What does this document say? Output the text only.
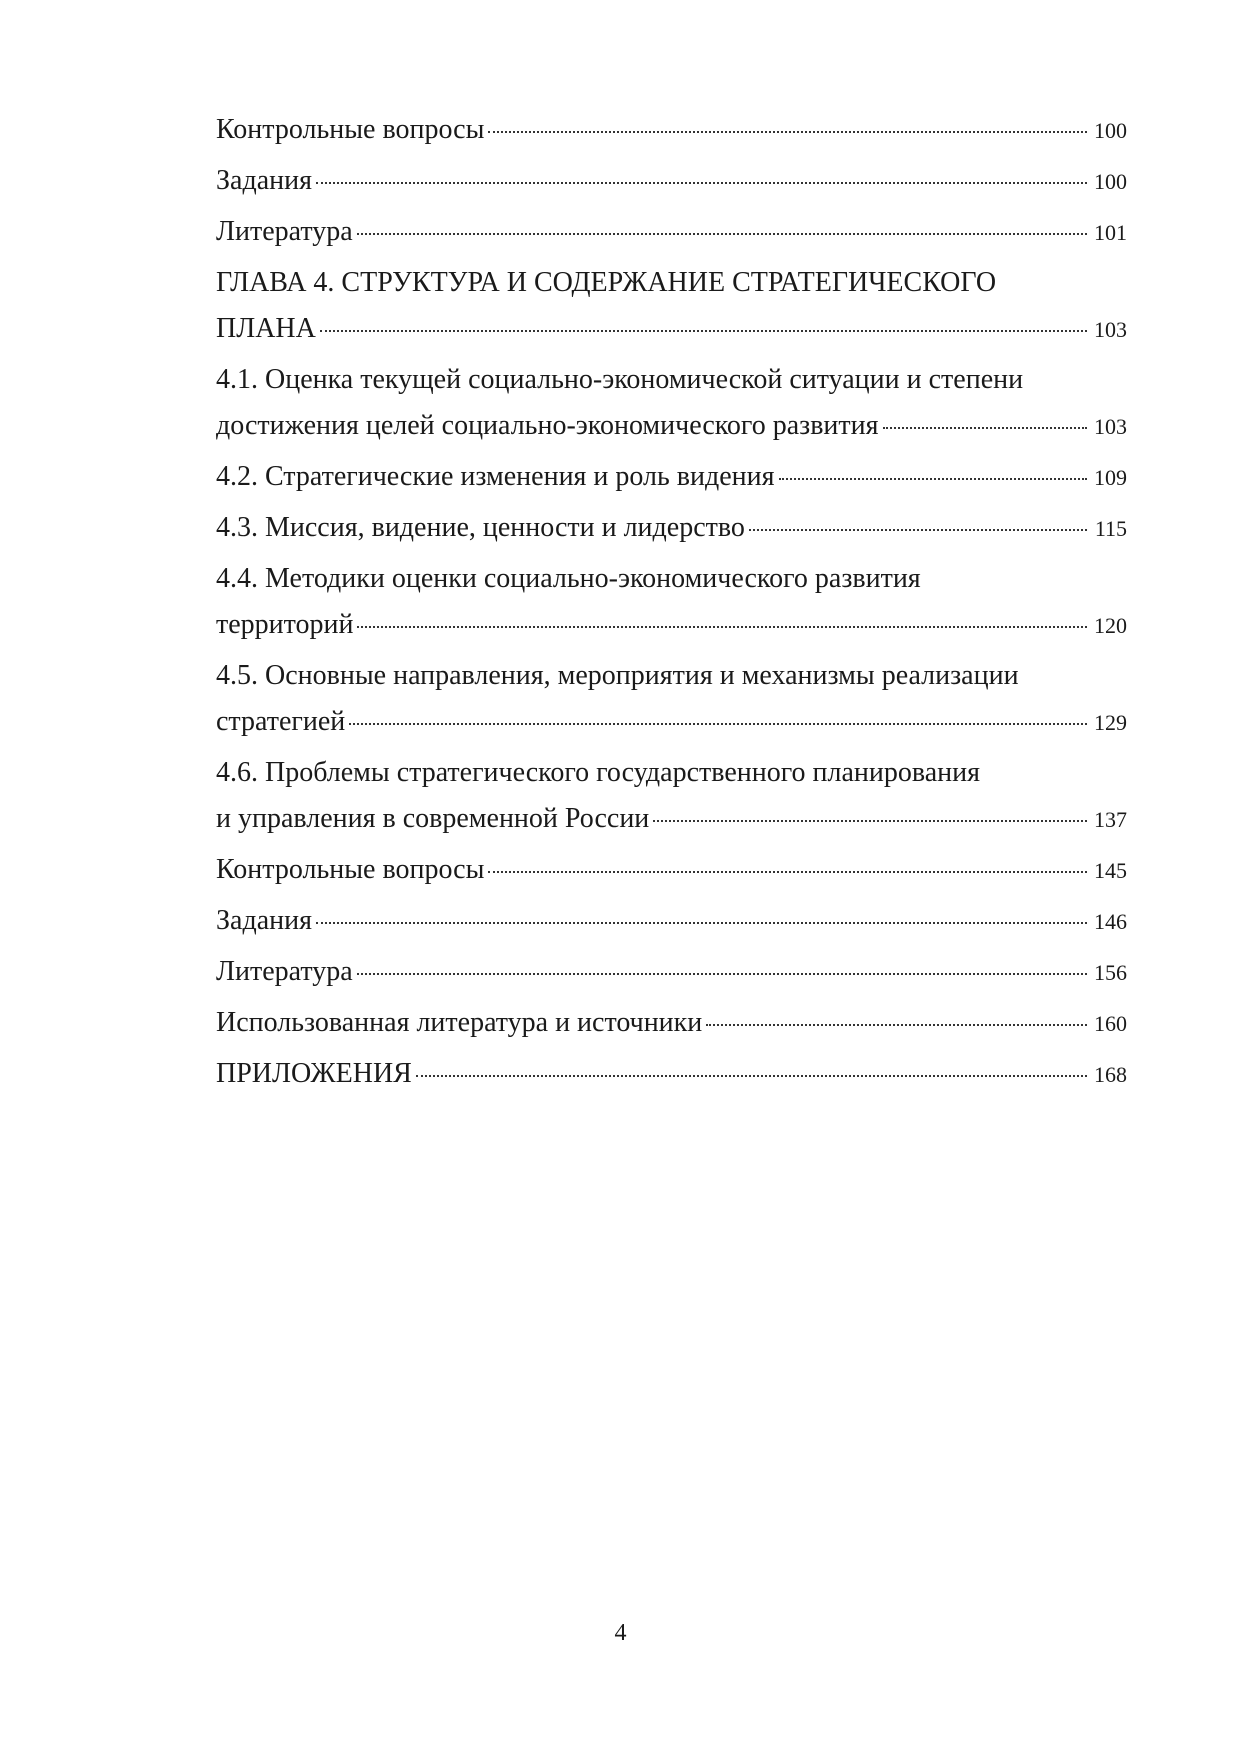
Контрольные вопросы	100
Задания	100
Литература	101
ГЛАВА 4. СТРУКТУРА И СОДЕРЖАНИЕ СТРАТЕГИЧЕСКОГО
ПЛАНА	103
4.1. Оценка текущей социально-экономической ситуации и степени
достижения целей социально-экономического развития	103
4.2. Стратегические изменения и роль видения	109
4.3. Миссия, видение, ценности и лидерство	115
4.4. Методики оценки социально-экономического развития
территорий	120
4.5. Основные направления, мероприятия и механизмы реализации
стратегией	129
4.6. Проблемы стратегического государственного планирования
и управления в современной России	137
Контрольные вопросы	145
Задания	146
Литература	156
Использованная литература и источники	160
ПРИЛОЖЕНИЯ	168
4
